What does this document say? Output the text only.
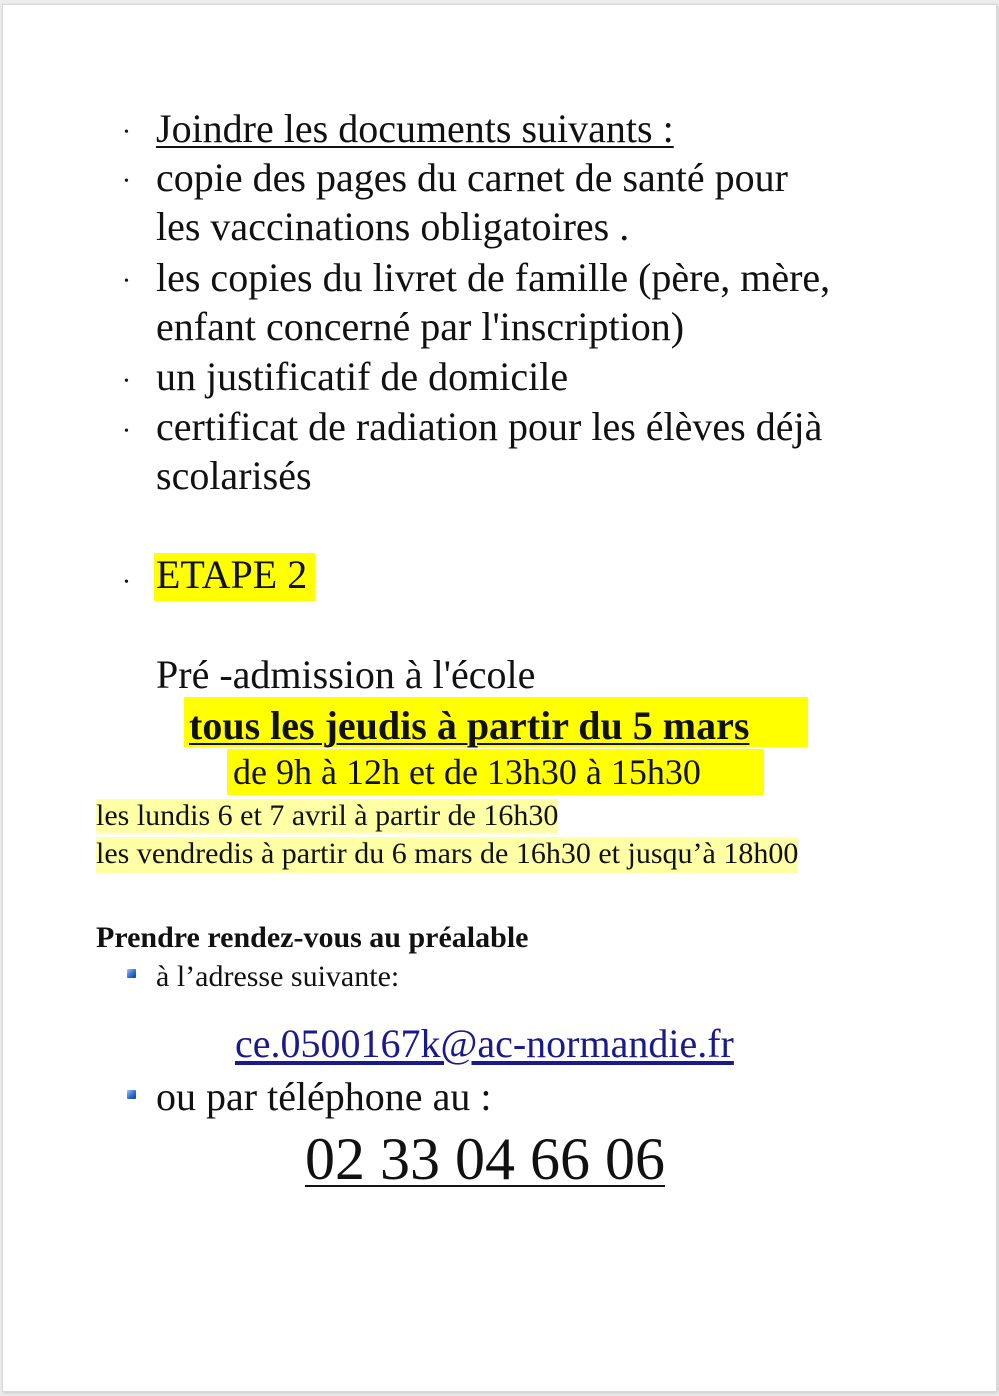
• Joindre les documents suivants :
• copie des pages du carnet de santé pour
les vaccinations obligatoires .
• les copies du livret de famille (père, mère,
enfant concerné par l'inscription)
• un justificatif de domicile
• certificat de radiation pour les élèves déjà
scolarisés
• ETAPE 2
Pré -admission à l'école
tous les jeudis à partir du 5 mars
de 9h à 12h et de 13h30 à 15h30
les lundis 6 et 7 avril à partir de 16h30
les vendredis à partir du 6 mars de 16h30 et jusqu’à 18h00
Prendre rendez-vous au préalable
à l’adresse suivante:
ce.0500167k@ac-normandie.fr
ou par téléphone au :
02 33 04 66 06
